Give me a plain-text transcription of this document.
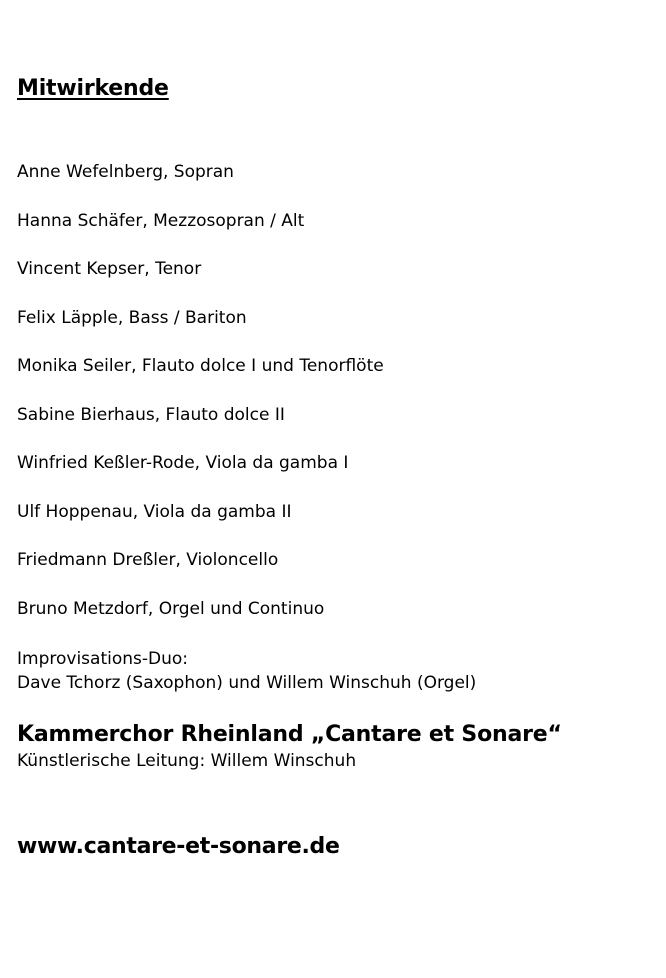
Mitwirkende
Anne Wefelnberg, Sopran
Hanna Schäfer, Mezzosopran / Alt
Vincent Kepser, Tenor
Felix Läpple, Bass / Bariton
Monika Seiler, Flauto dolce I und Tenorflöte
Sabine Bierhaus, Flauto dolce II
Winfried Keßler-Rode, Viola da gamba I
Ulf Hoppenau, Viola da gamba II
Friedmann Dreßler, Violoncello
Bruno Metzdorf, Orgel und Continuo
Improvisations-Duo:
Dave Tchorz (Saxophon) und Willem Winschuh (Orgel)
Kammerchor Rheinland „Cantare et Sonare“
Künstlerische Leitung: Willem Winschuh
www.cantare-et-sonare.de
